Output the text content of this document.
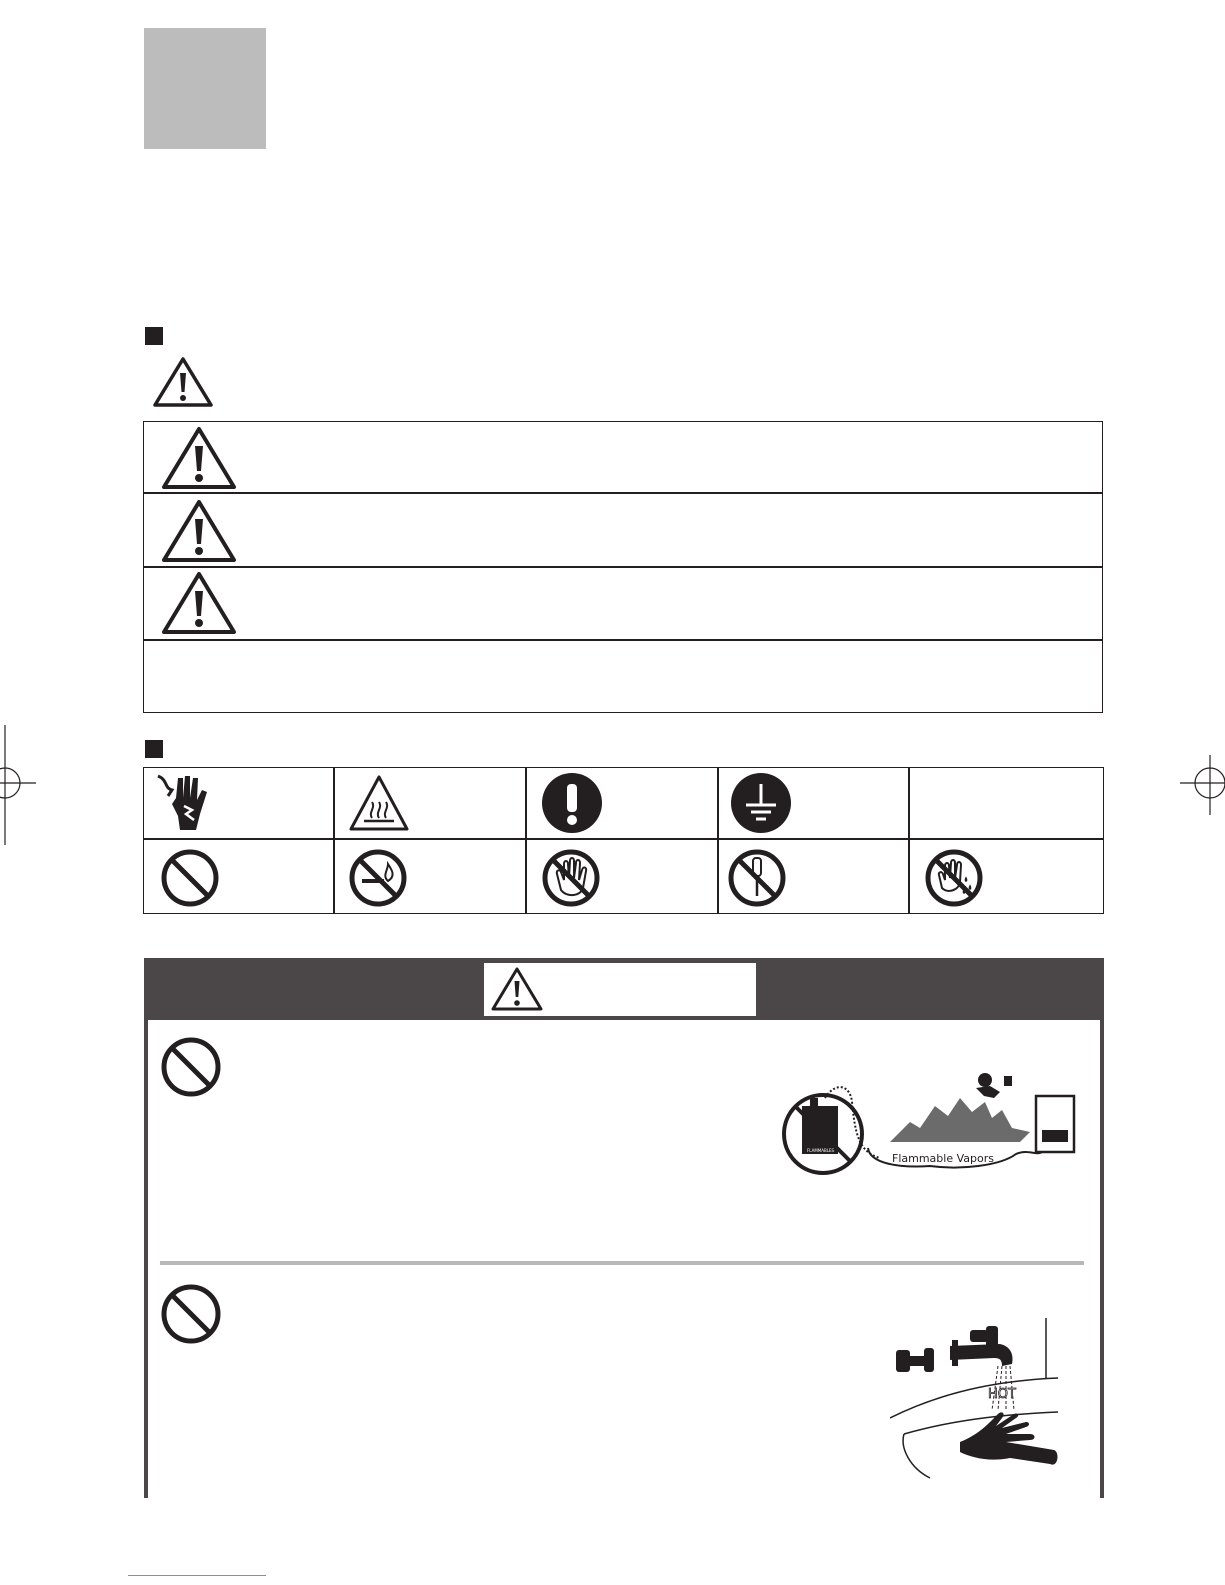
FLAMMABLES
Flammable Vapors
HOT
